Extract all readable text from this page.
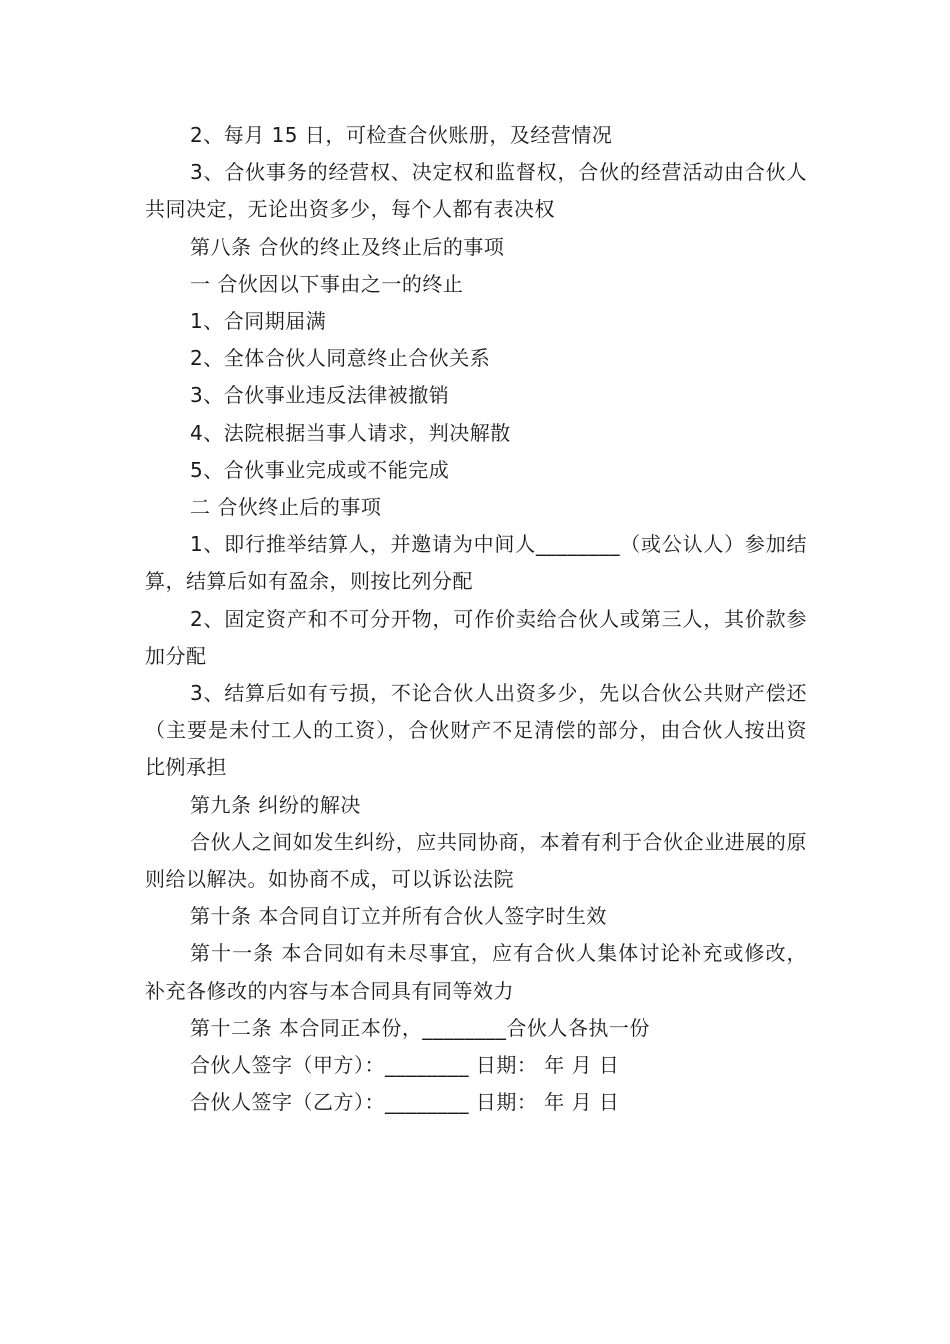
2、每月 15 日，可检查合伙账册，及经营情况

3、合伙事务的经营权、决定权和监督权，合伙的经营活动由合伙人共同决定，无论出资多少，每个人都有表决权

第八条 合伙的终止及终止后的事项

一 合伙因以下事由之一的终止

1、合同期届满

2、全体合伙人同意终止合伙关系

3、合伙事业违反法律被撤销

4、法院根据当事人请求，判决解散

5、合伙事业完成或不能完成

二 合伙终止后的事项

1、即行推举结算人，并邀请为中间人________（或公认人）参加结算，结算后如有盈余，则按比列分配

2、固定资产和不可分开物，可作价卖给合伙人或第三人，其价款参加分配

3、结算后如有亏损，不论合伙人出资多少，先以合伙公共财产偿还（主要是未付工人的工资），合伙财产不足清偿的部分，由合伙人按出资比例承担

第九条 纠纷的解决

合伙人之间如发生纠纷，应共同协商，本着有利于合伙企业进展的原则给以解决。如协商不成，可以诉讼法院

第十条 本合同自订立并所有合伙人签字时生效

第十一条 本合同如有未尽事宜，应有合伙人集体讨论补充或修改，补充各修改的内容与本合同具有同等效力

第十二条 本合同正本份，________合伙人各执一份

合伙人签字（甲方）：________ 日期： 年 月 日

合伙人签字（乙方）：________ 日期： 年 月 日
